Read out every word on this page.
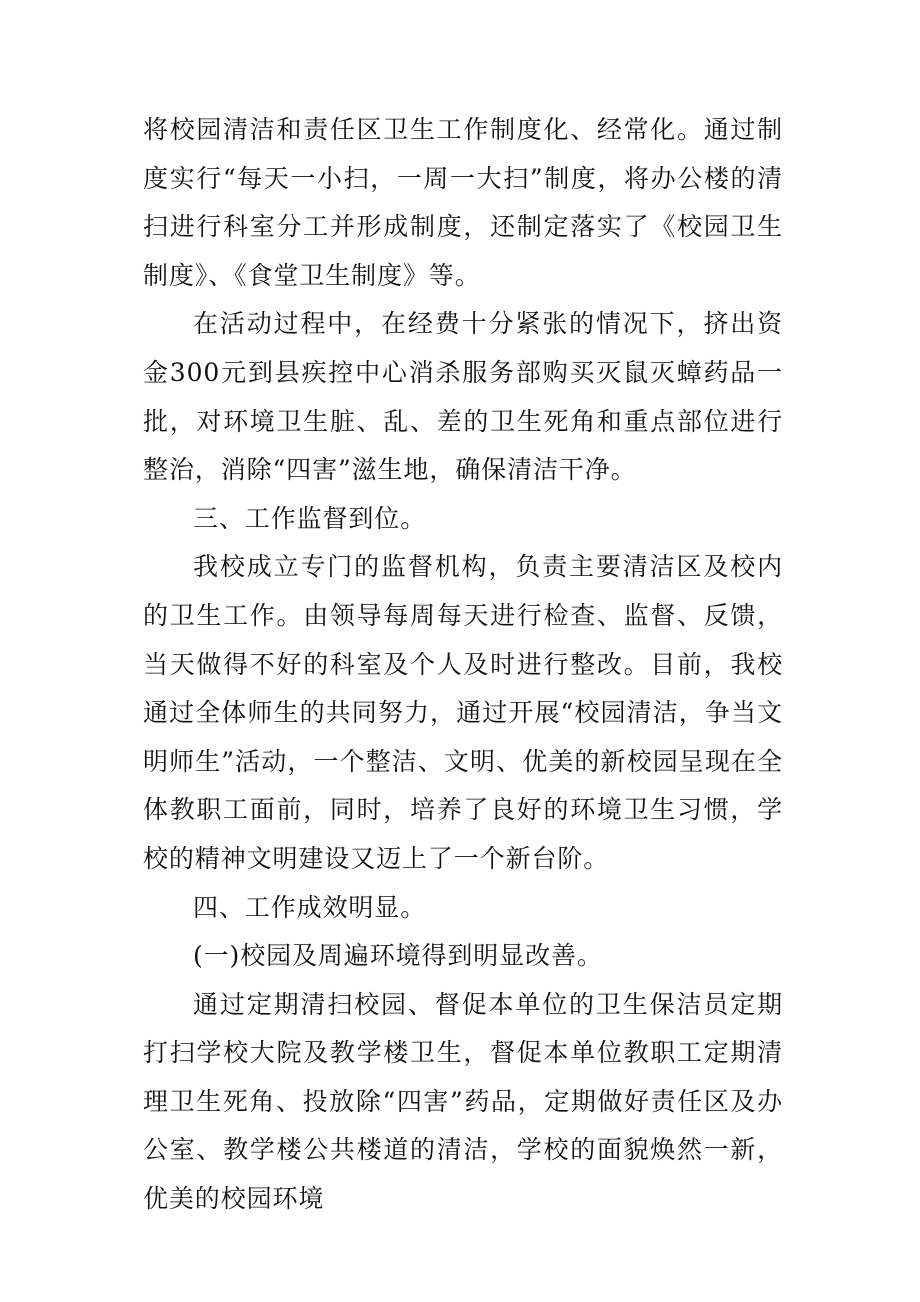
将校园清洁和责任区卫生工作制度化、经常化。通过制度实行“每天一小扫，一周一大扫”制度，将办公楼的清扫进行科室分工并形成制度，还制定落实了《校园卫生制度》、《食堂卫生制度》等。

在活动过程中，在经费十分紧张的情况下，挤出资金300元到县疾控中心消杀服务部购买灭鼠灭蟑药品一批，对环境卫生脏、乱、差的卫生死角和重点部位进行整治，消除“四害”滋生地，确保清洁干净。

三、工作监督到位。

我校成立专门的监督机构，负责主要清洁区及校内的卫生工作。由领导每周每天进行检查、监督、反馈，当天做得不好的科室及个人及时进行整改。目前，我校通过全体师生的共同努力，通过开展“校园清洁，争当文明师生”活动，一个整洁、文明、优美的新校园呈现在全体教职工面前，同时，培养了良好的环境卫生习惯，学校的精神文明建设又迈上了一个新台阶。

四、工作成效明显。

(一)校园及周遍环境得到明显改善。

通过定期清扫校园、督促本单位的卫生保洁员定期打扫学校大院及教学楼卫生，督促本单位教职工定期清理卫生死角、投放除“四害”药品，定期做好责任区及办公室、教学楼公共楼道的清洁，学校的面貌焕然一新，优美的校园环境
